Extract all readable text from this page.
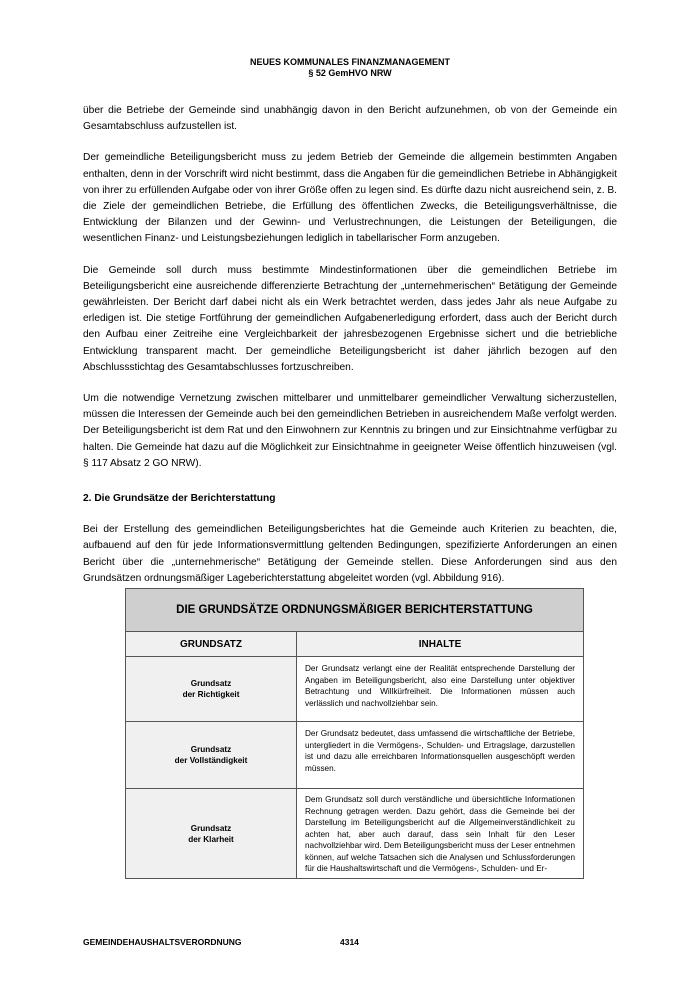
NEUES KOMMUNALES FINANZMANAGEMENT
§ 52 GemHVO NRW

über die Betriebe der Gemeinde sind unabhängig davon in den Bericht aufzunehmen, ob von der Gemeinde ein Gesamtabschluss aufzustellen ist.

Der gemeindliche Beteiligungsbericht muss zu jedem Betrieb der Gemeinde die allgemein bestimmten Angaben enthalten, denn in der Vorschrift wird nicht bestimmt, dass die Angaben für die gemeindlichen Betriebe in Abhängigkeit von ihrer zu erfüllenden Aufgabe oder von ihrer Größe offen zu legen sind. Es dürfte dazu nicht ausreichend sein, z. B. die Ziele der gemeindlichen Betriebe, die Erfüllung des öffentlichen Zwecks, die Beteiligungsverhältnisse, die Entwicklung der Bilanzen und der Gewinn- und Verlustrechnungen, die Leistungen der Beteiligungen, die wesentlichen Finanz- und Leistungsbeziehungen lediglich in tabellarischer Form anzugeben.

Die Gemeinde soll durch muss bestimmte Mindestinformationen über die gemeindlichen Betriebe im Beteiligungsbericht eine ausreichende differenzierte Betrachtung der „unternehmerischen“ Betätigung der Gemeinde gewährleisten. Der Bericht darf dabei nicht als ein Werk betrachtet werden, dass jedes Jahr als neue Aufgabe zu erledigen ist. Die stetige Fortführung der gemeindlichen Aufgabenerledigung erfordert, dass auch der Bericht durch den Aufbau einer Zeitreihe eine Vergleichbarkeit der jahresbezogenen Ergebnisse sichert und die betriebliche Entwicklung transparent macht. Der gemeindliche Beteiligungsbericht ist daher jährlich bezogen auf den Abschlussstichtag des Gesamtabschlusses fortzuschreiben.

Um die notwendige Vernetzung zwischen mittelbarer und unmittelbarer gemeindlicher Verwaltung sicherzustellen, müssen die Interessen der Gemeinde auch bei den gemeindlichen Betrieben in ausreichendem Maße verfolgt werden. Der Beteiligungsbericht ist dem Rat und den Einwohnern zur Kenntnis zu bringen und zur Einsichtnahme verfügbar zu halten. Die Gemeinde hat dazu auf die Möglichkeit zur Einsichtnahme in geeigneter Weise öffentlich hinzuweisen (vgl. § 117 Absatz 2 GO NRW).

2. Die Grundsätze der Berichterstattung

Bei der Erstellung des gemeindlichen Beteiligungsberichtes hat die Gemeinde auch Kriterien zu beachten, die, aufbauend auf den für jede Informationsvermittlung geltenden Bedingungen, spezifizierte Anforderungen an einen Bericht über die „unternehmerische“ Betätigung der Gemeinde stellen. Diese Anforderungen sind aus den Grundsätzen ordnungsmäßiger Lageberichterstattung abgeleitet worden (vgl. Abbildung 916).

DIE GRUNDSÄTZE ORDNUNGSMÄßIGER BERICHTERSTATTUNG	
GRUNDSATZ	INHALTE

Grundsatz
der Richtigkeit	Der Grundsatz verlangt eine der Realität entsprechende Darstellung der Angaben im Beteiligungsbericht, also eine Darstellung unter objektiver Betrachtung und Willkürfreiheit. Die Informationen müssen auch verlässlich und nachvollziehbar sein.

Grundsatz
der Vollständigkeit	Der Grundsatz bedeutet, dass umfassend die wirtschaftliche der Betriebe, untergliedert in die Vermögens-, Schulden- und Ertragslage, darzustellen ist und dazu alle erreichbaren Informationsquellen ausgeschöpft werden müssen.

Grundsatz
der Klarheit	Dem Grundsatz soll durch verständliche und übersichtliche Informationen Rechnung getragen werden. Dazu gehört, dass die Gemeinde bei der Darstellung im Beteiligungsbericht auf die Allgemeinverständlichkeit zu achten hat, aber auch darauf, dass sein Inhalt für den Leser nachvollziehbar wird. Dem Beteiligungsbericht muss der Leser entnehmen können, auf welche Tatsachen sich die Analysen und Schlussforderungen für die Haushaltswirtschaft und die Vermögens-, Schulden- und Er-
GEMEINDEHAUSHALTSVERORDNUNG	4314
